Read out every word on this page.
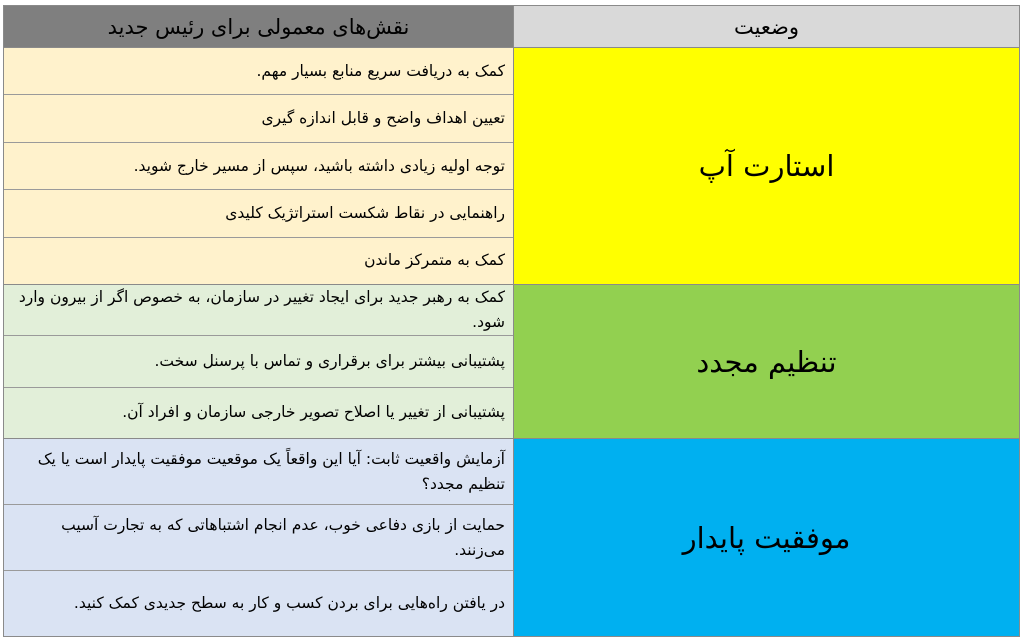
نقش‌های معمولی برای رئیس جدید	وضعیت
کمک به دریافت سریع منابع بسیار مهم.
تعیین اهداف واضح و قابل اندازه گیری
توجه اولیه زیادی داشته باشید، سپس از مسیر خارج شوید.
راهنمایی در نقاط شکست استراتژیک کلیدی
کمک به متمرکز ماندن
استارت آپ
کمک به رهبر جدید برای ایجاد تغییر در سازمان، به خصوص اگر از بیرون وارد شود.
پشتیبانی بیشتر برای برقراری و تماس با پرسنل سخت.
پشتیبانی از تغییر یا اصلاح تصویر خارجی سازمان و افراد آن.
تنظیم مجدد
آزمایش واقعیت ثابت: آیا این واقعاً یک موقعیت موفقیت پایدار است یا یک تنظیم مجدد؟
حمایت از بازی دفاعی خوب، عدم انجام اشتباهاتی که به تجارت آسیب می‌زنند.
در یافتن راه‌هایی برای بردن کسب و کار به سطح جدیدی کمک کنید.
موفقیت پایدار
